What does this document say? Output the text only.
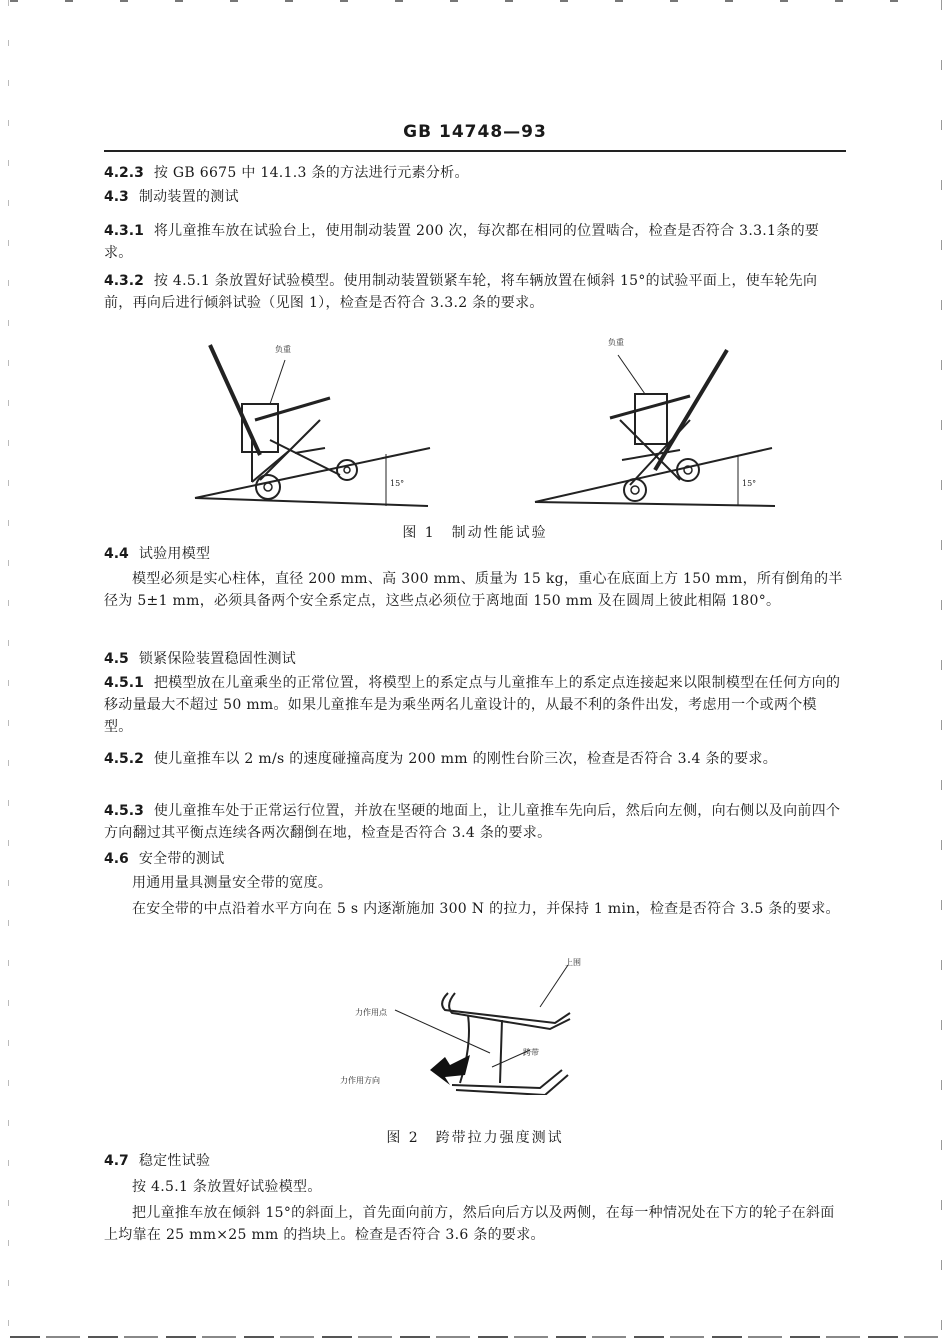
GB 14748—93

4.2.3 按 GB 6675 中 14.1.3 条的方法进行元素分析。

4.3 制动装置的测试

4.3.1 将儿童推车放在试验台上，使用制动装置 200 次，每次都在相同的位置啮合，检查是否符合 3.3.1条的要求。

4.3.2 按 4.5.1 条放置好试验模型。使用制动装置锁紧车轮，将车辆放置在倾斜 15°的试验平面上，使车轮先向前，再向后进行倾斜试验（见图 1），检查是否符合 3.3.2 条的要求。

负重
负重
15°	15°
图 1　制动性能试验

4.4 试验用模型

模型必须是实心柱体，直径 200 mm、高 300 mm、质量为 15 kg，重心在底面上方 150 mm，所有倒角的半径为 5±1 mm，必须具备两个安全系定点，这些点必须位于离地面 150 mm 及在圆周上彼此相隔 180°。

4.5 锁紧保险装置稳固性测试

4.5.1 把模型放在儿童乘坐的正常位置，将模型上的系定点与儿童推车上的系定点连接起来以限制模型在任何方向的移动量最大不超过 50 mm。如果儿童推车是为乘坐两名儿童设计的，从最不利的条件出发，考虑用一个或两个模型。

4.5.2 使儿童推车以 2 m/s 的速度碰撞高度为 200 mm 的刚性台阶三次，检查是否符合 3.4 条的要求。

4.5.3 使儿童推车处于正常运行位置，并放在坚硬的地面上，让儿童推车先向后，然后向左侧，向右侧以及向前四个方向翻过其平衡点连续各两次翻倒在地，检查是否符合 3.4 条的要求。

4.6 安全带的测试

用通用量具测量安全带的宽度。

在安全带的中点沿着水平方向在 5 s 内逐渐施加 300 N 的拉力，并保持 1 min，检查是否符合 3.5 条的要求。

上围
力作用点
跨带
力作用方向
图 2　跨带拉力强度测试

4.7 稳定性试验

按 4.5.1 条放置好试验模型。

把儿童推车放在倾斜 15°的斜面上，首先面向前方，然后向后方以及两侧，在每一种情况处在下方的轮子在斜面上均靠在 25 mm×25 mm 的挡块上。检查是否符合 3.6 条的要求。
